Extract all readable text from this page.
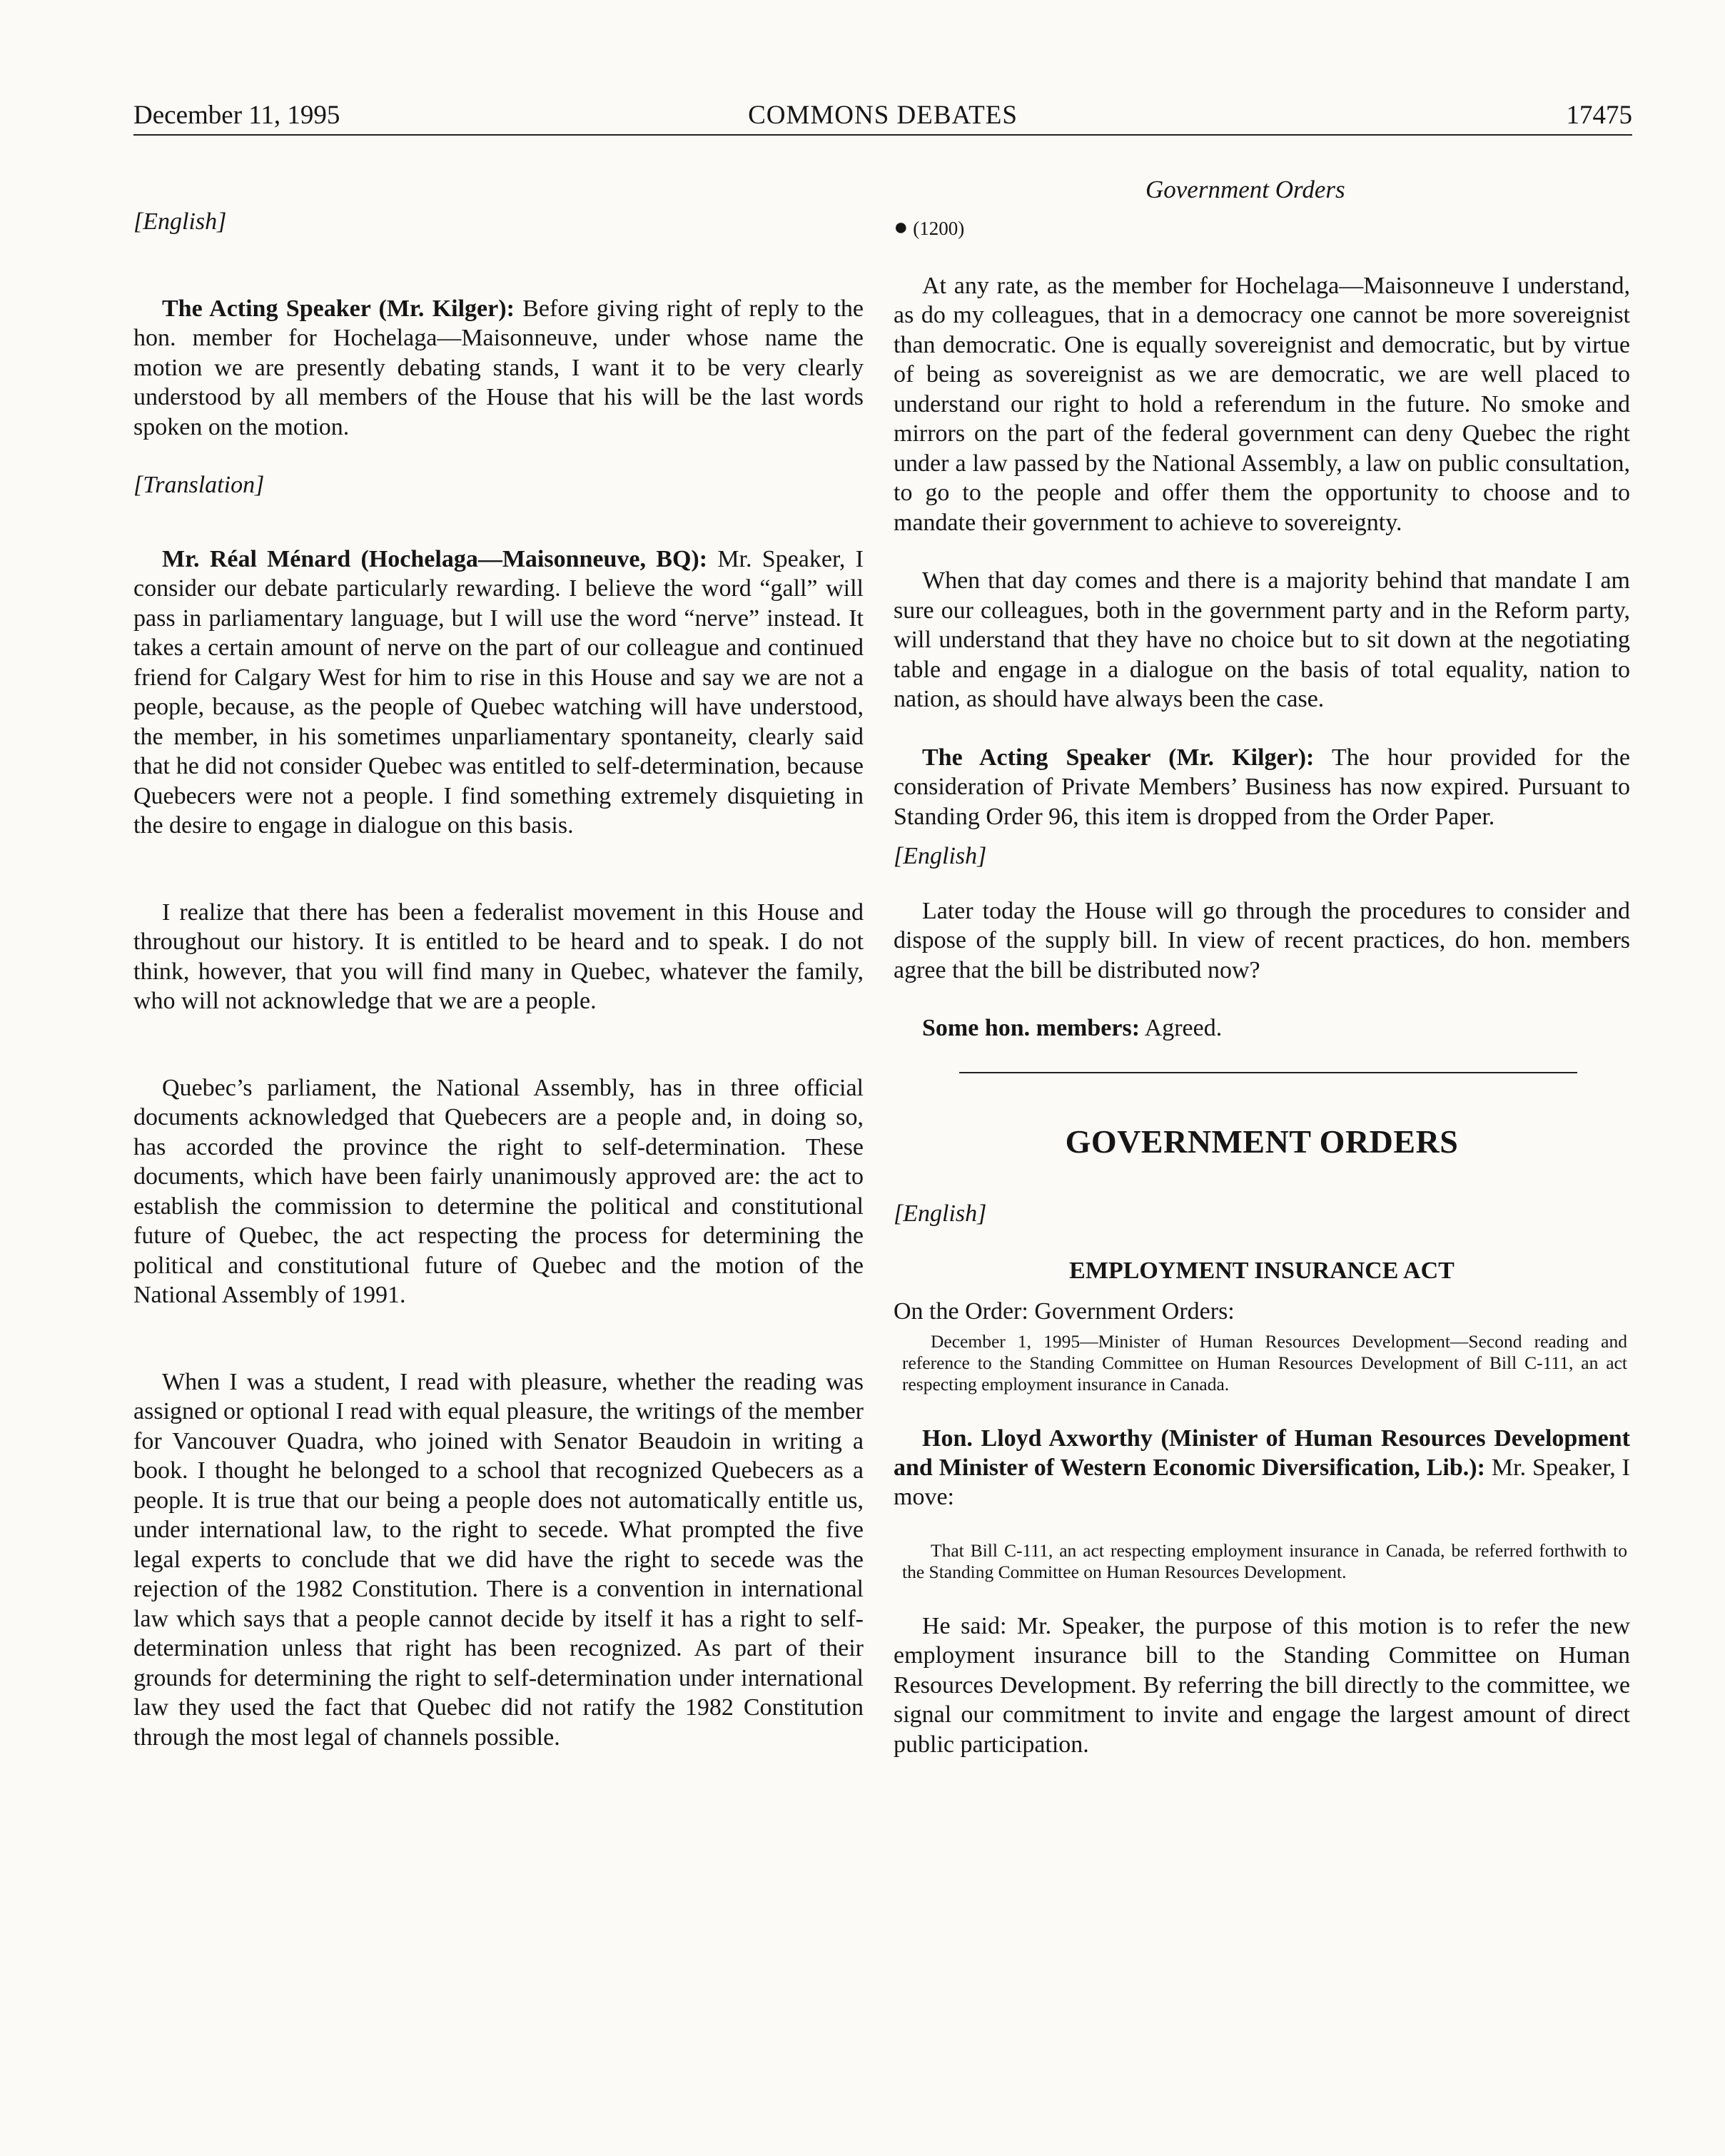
December 11, 1995	COMMONS DEBATES	17475
Government Orders

[English]

The Acting Speaker (Mr. Kilger): Before giving right of reply to the hon. member for Hochelaga—Maisonneuve, under whose name the motion we are presently debating stands, I want it to be very clearly understood by all members of the House that his will be the last words spoken on the motion.

[Translation]

Mr. Réal Ménard (Hochelaga—Maisonneuve, BQ): Mr. Speaker, I consider our debate particularly rewarding. I believe the word “gall” will pass in parliamentary language, but I will use the word “nerve” instead. It takes a certain amount of nerve on the part of our colleague and continued friend for Calgary West for him to rise in this House and say we are not a people, because, as the people of Quebec watching will have understood, the member, in his sometimes unparliamentary spontaneity, clearly said that he did not consider Quebec was entitled to self-determination, because Quebecers were not a people. I find something extremely disquieting in the desire to engage in dialogue on this basis.

I realize that there has been a federalist movement in this House and throughout our history. It is entitled to be heard and to speak. I do not think, however, that you will find many in Quebec, whatever the family, who will not acknowledge that we are a people.

Quebec’s parliament, the National Assembly, has in three official documents acknowledged that Quebecers are a people and, in doing so, has accorded the province the right to self-determination. These documents, which have been fairly unanimously approved are: the act to establish the commission to determine the political and constitutional future of Quebec, the act respecting the process for determining the political and constitutional future of Quebec and the motion of the National Assembly of 1991.

When I was a student, I read with pleasure, whether the reading was assigned or optional I read with equal pleasure, the writings of the member for Vancouver Quadra, who joined with Senator Beaudoin in writing a book. I thought he belonged to a school that recognized Quebecers as a people. It is true that our being a people does not automatically entitle us, under international law, to the right to secede. What prompted the five legal experts to conclude that we did have the right to secede was the rejection of the 1982 Constitution. There is a convention in international law which says that a people cannot decide by itself it has a right to self-determination unless that right has been recognized. As part of their grounds for determining the right to self-determination under international law they used the fact that Quebec did not ratify the 1982 Constitution through the most legal of channels possible.

● (1200)

At any rate, as the member for Hochelaga—Maisonneuve I understand, as do my colleagues, that in a democracy one cannot be more sovereignist than democratic. One is equally sovereignist and democratic, but by virtue of being as sovereignist as we are democratic, we are well placed to understand our right to hold a referendum in the future. No smoke and mirrors on the part of the federal government can deny Quebec the right under a law passed by the National Assembly, a law on public consultation, to go to the people and offer them the opportunity to choose and to mandate their government to achieve to sovereignty.

When that day comes and there is a majority behind that mandate I am sure our colleagues, both in the government party and in the Reform party, will understand that they have no choice but to sit down at the negotiating table and engage in a dialogue on the basis of total equality, nation to nation, as should have always been the case.

The Acting Speaker (Mr. Kilger): The hour provided for the consideration of Private Members’ Business has now expired. Pursuant to Standing Order 96, this item is dropped from the Order Paper.

[English]

Later today the House will go through the procedures to consider and dispose of the supply bill. In view of recent practices, do hon. members agree that the bill be distributed now?

Some hon. members: Agreed.

GOVERNMENT ORDERS

[English]

EMPLOYMENT INSURANCE ACT

On the Order: Government Orders:

December 1, 1995—Minister of Human Resources Development—Second reading and reference to the Standing Committee on Human Resources Development of Bill C-111, an act respecting employment insurance in Canada.

Hon. Lloyd Axworthy (Minister of Human Resources Development and Minister of Western Economic Diversification, Lib.): Mr. Speaker, I move:

That Bill C-111, an act respecting employment insurance in Canada, be referred forthwith to the Standing Committee on Human Resources Development.

He said: Mr. Speaker, the purpose of this motion is to refer the new employment insurance bill to the Standing Committee on Human Resources Development. By referring the bill directly to the committee, we signal our commitment to invite and engage the largest amount of direct public participation.
